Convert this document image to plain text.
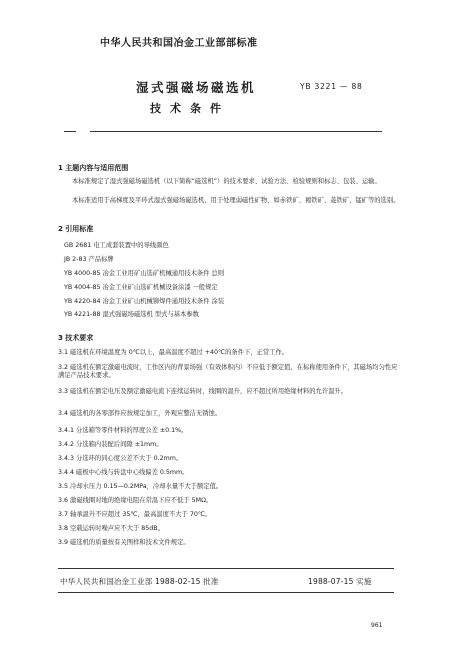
中华人民共和国冶金工业部部标准
湿式强磁场磁选机	YB 3221 — 88
技术条件
1 主题内容与适用范围
本标准规定了湿式强磁场磁选机（以下简称“磁选机”）的技术要求、试验方法、检验规则和标志、包装、运输。
本标准适用于高梯度及平环式湿式强磁场磁选机，用于处理弱磁性矿物，如赤铁矿、褐铁矿、菱铁矿、锰矿等的选别。
2 引用标准
GB 2681 电工成套装置中的导线颜色
JB 2-83 产品标牌
YB 4000-85 冶金工业用矿山选矿机械通用技术条件 总则
YB 4004-85 冶金工业矿山选矿机械设备涂漆 一般规定
YB 4220-84 冶金工业矿山机械铆焊件通用技术条件 涂装
YB 4221-88 湿式强磁场磁选机 型式与基本参数
3 技术要求
3.1 磁选机在环境温度为 0℃以上，最高温度不超过 +40℃的条件下，正常工作。
3.2 磁选机在额定激磁电流时，工作区内的背景场强（有效体积内）不应低于额定值，在标称使用条件下，其磁场均匀性应满足产品技术要求。
3.3 磁选机在额定电压及额定激磁电流下连续运转时，线圈的温升，应不超过所用绝缘材料的允许温升。
3.4 磁选机的各零部件应按规定加工，外观应整洁无锈蚀。
3.4.1 分选箱等零件材料的厚度公差 ±0.1%。
3.4.2 分选箱内装配后间隙 ±1mm。
3.4.3 分选环的同心度公差不大于 0.2mm。
3.4.4 磁极中心线与转盘中心线偏差 0.5mm。
3.5 冷却水压力 0.15—0.2MPa，冷却水量不大于额定值。
3.6 激磁线圈对地的绝缘电阻在常温下应不低于 5MΩ。
3.7 轴承温升不应超过 35℃，最高温度不大于 70℃。
3.8 空载运转时噪声应不大于 85dB。
3.9 磁选机的质量按有关图样和技术文件规定。
中华人民共和国冶金工业部 1988-02-15 批准	1988-07-15 实施
961
